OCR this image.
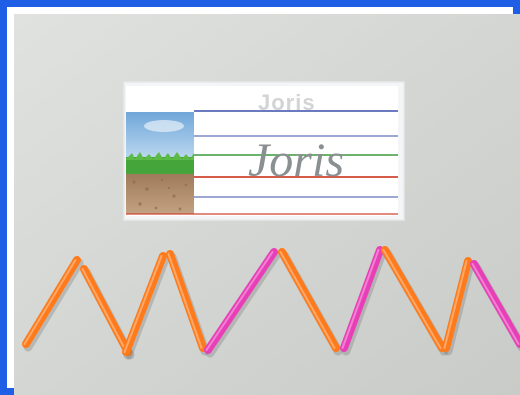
Joris
Joris
